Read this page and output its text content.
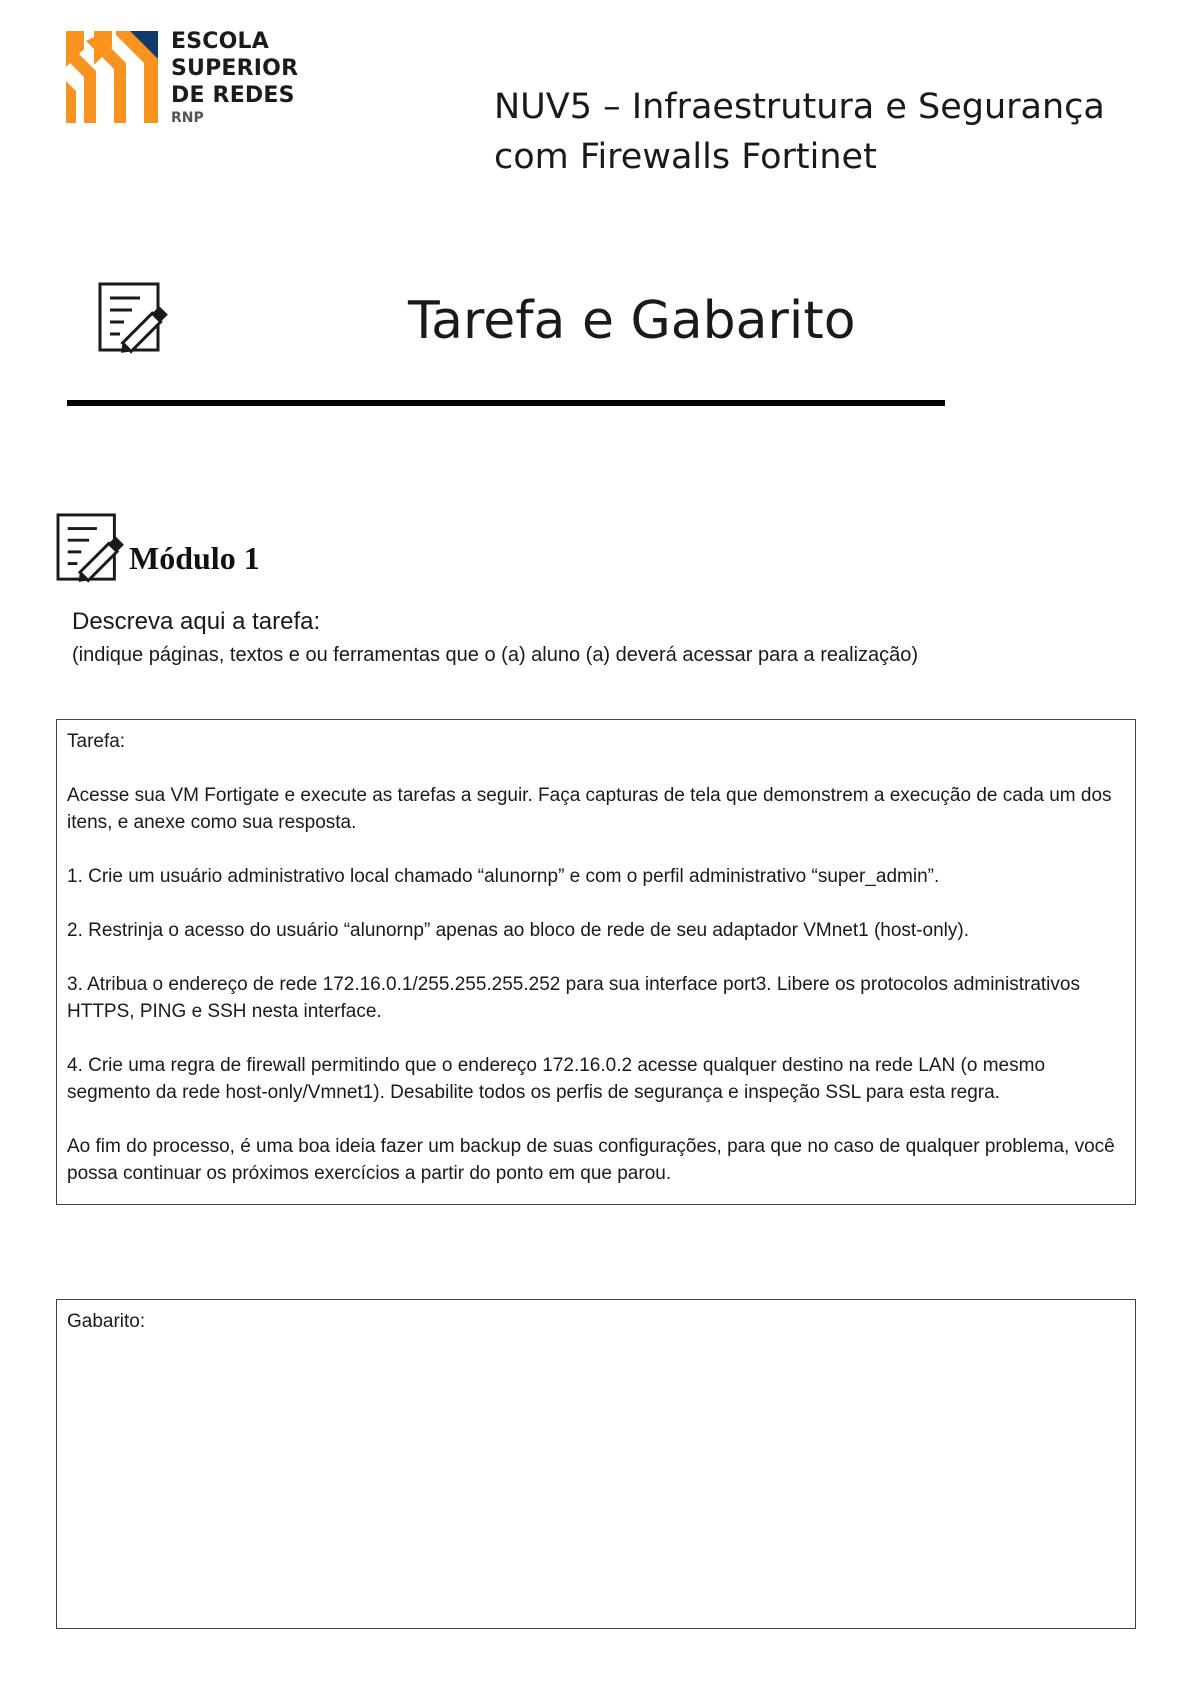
ESCOLA
SUPERIOR
DE REDES
RNP	NUV5 – Infraestrutura e Segurança
com Firewalls Fortinet
Tarefa e Gabarito
Módulo 1
Descreva aqui a tarefa:
(indique páginas, textos e ou ferramentas que o (a) aluno (a) deverá acessar para a realização)
Tarefa:
Acesse sua VM Fortigate e execute as tarefas a seguir. Faça capturas de tela que demonstrem a execução de cada um dos itens, e anexe como sua resposta.
1. Crie um usuário administrativo local chamado “alunornp” e com o perfil administrativo “super_admin”.
2. Restrinja o acesso do usuário “alunornp” apenas ao bloco de rede de seu adaptador VMnet1 (host-only).
3. Atribua o endereço de rede 172.16.0.1/255.255.255.252 para sua interface port3. Libere os protocolos administrativos HTTPS, PING e SSH nesta interface.
4. Crie uma regra de firewall permitindo que o endereço 172.16.0.2 acesse qualquer destino na rede LAN (o mesmo segmento da rede host-only/Vmnet1). Desabilite todos os perfis de segurança e inspeção SSL para esta regra.
Ao fim do processo, é uma boa ideia fazer um backup de suas configurações, para que no caso de qualquer problema, você possa continuar os próximos exercícios a partir do ponto em que parou.
Gabarito:
